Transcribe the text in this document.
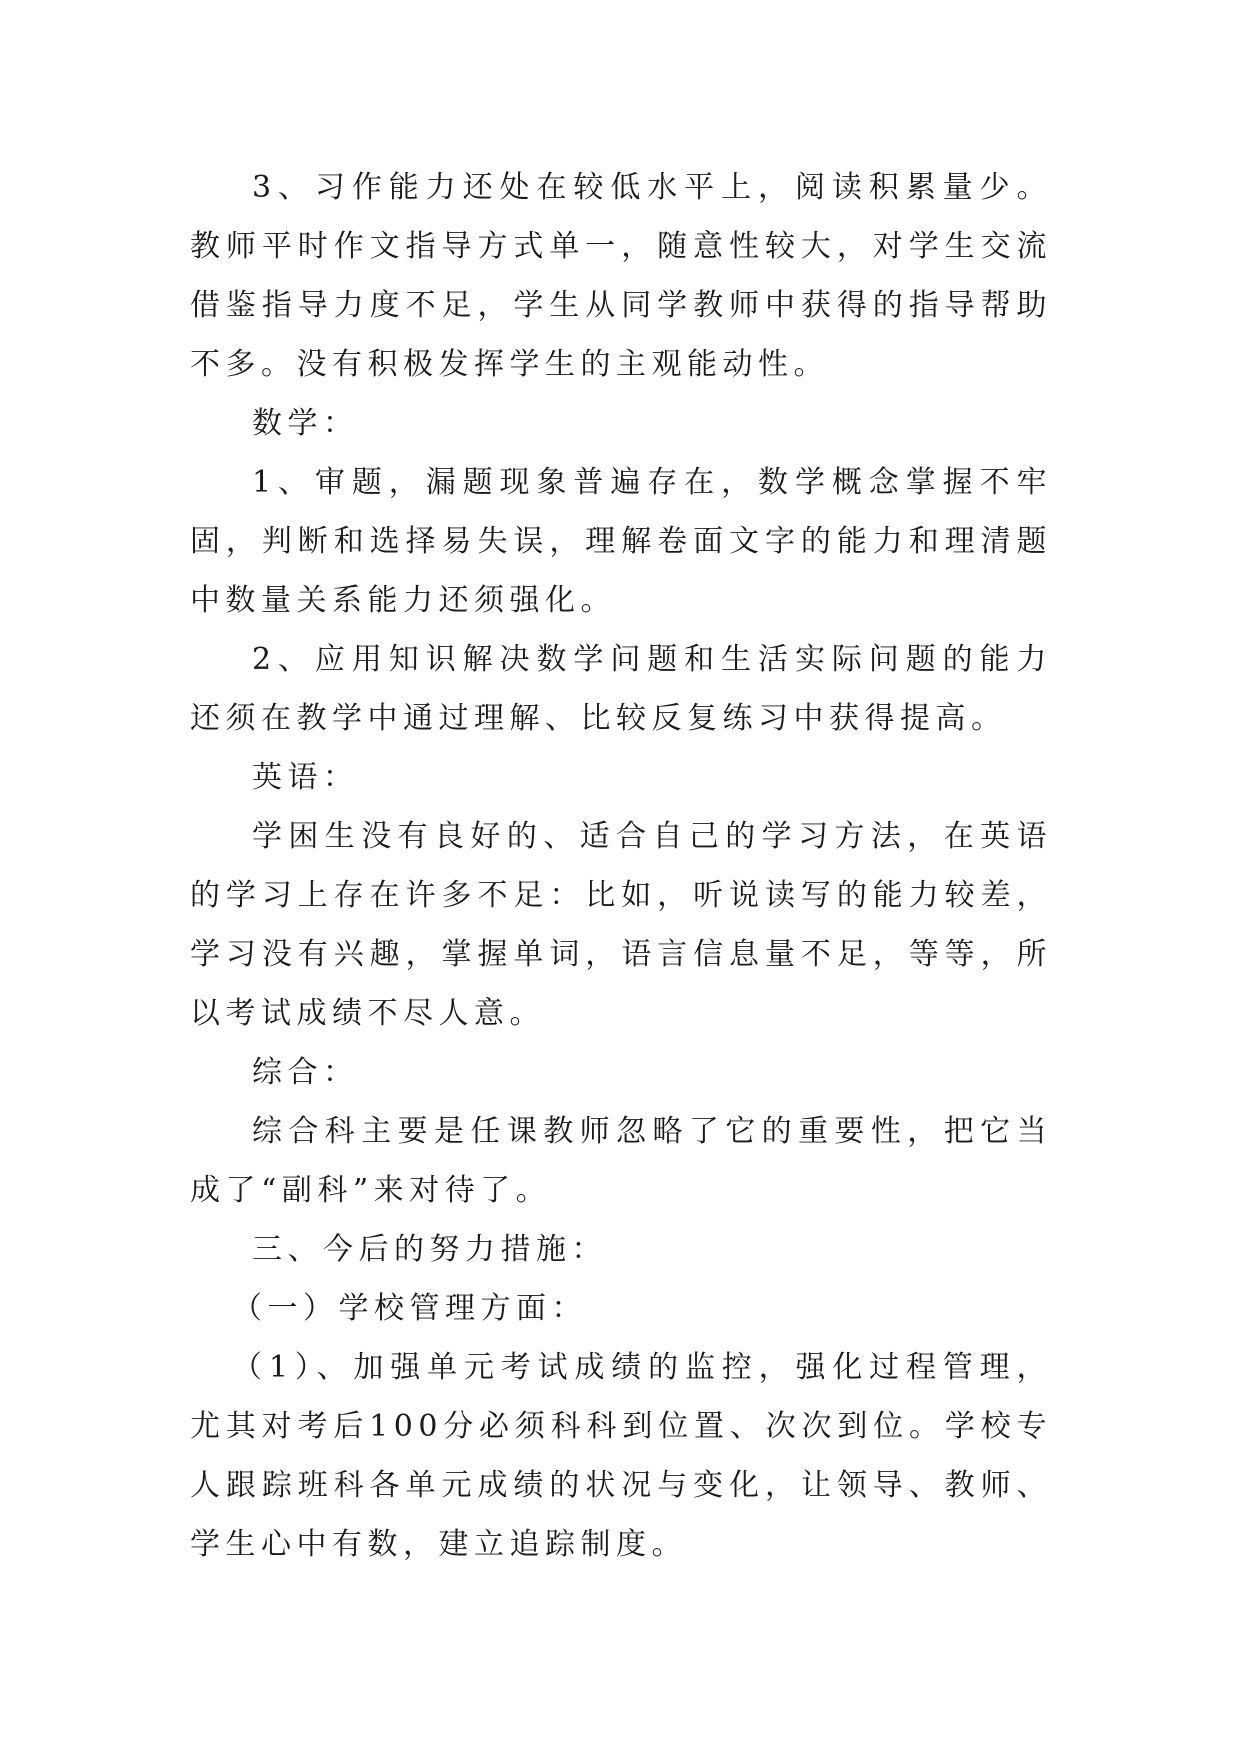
3、习作能力还处在较低水平上，阅读积累量少。教师平时作文指导方式单一，随意性较大，对学生交流借鉴指导力度不足，学生从同学教师中获得的指导帮助不多。没有积极发挥学生的主观能动性。

数学：

1、审题，漏题现象普遍存在，数学概念掌握不牢固，判断和选择易失误，理解卷面文字的能力和理清题中数量关系能力还须强化。

2、应用知识解决数学问题和生活实际问题的能力还须在教学中通过理解、比较反复练习中获得提高。

英语：

学困生没有良好的、适合自己的学习方法，在英语的学习上存在许多不足：比如，听说读写的能力较差，学习没有兴趣，掌握单词，语言信息量不足，等等，所以考试成绩不尽人意。

综合：

综合科主要是任课教师忽略了它的重要性，把它当成了“副科”来对待了。

三、今后的努力措施：

（一）学校管理方面：

（1）、加强单元考试成绩的监控，强化过程管理，尤其对考后100分必须科科到位置、次次到位。学校专人跟踪班科各单元成绩的状况与变化，让领导、教师、学生心中有数，建立追踪制度。
